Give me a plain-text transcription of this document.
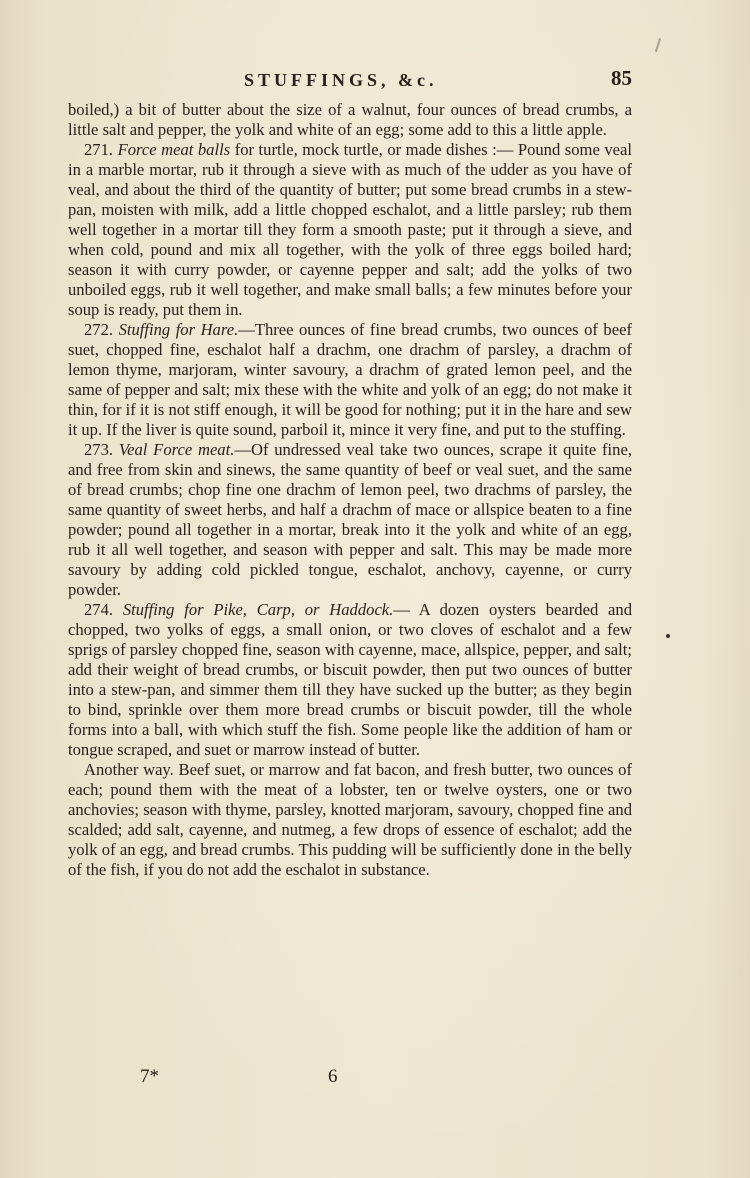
STUFFINGS, &c.	85

boiled,) a bit of butter about the size of a walnut, four ounces of bread crumbs, a little salt and pepper, the yolk and white of an egg; some add to this a little apple.

271. Force meat balls for turtle, mock turtle, or made dishes :— Pound some veal in a marble mortar, rub it through a sieve with as much of the udder as you have of veal, and about the third of the quantity of butter; put some bread crumbs in a stew-pan, moisten with milk, add a little chopped eschalot, and a little parsley; rub them well together in a mortar till they form a smooth paste; put it through a sieve, and when cold, pound and mix all together, with the yolk of three eggs boiled hard; season it with curry powder, or cayenne pepper and salt; add the yolks of two unboiled eggs, rub it well together, and make small balls; a few minutes before your soup is ready, put them in.

272. Stuffing for Hare.—Three ounces of fine bread crumbs, two ounces of beef suet, chopped fine, eschalot half a drachm, one drachm of parsley, a drachm of lemon thyme, marjoram, winter savoury, a drachm of grated lemon peel, and the same of pepper and salt; mix these with the white and yolk of an egg; do not make it thin, for if it is not stiff enough, it will be good for nothing; put it in the hare and sew it up. If the liver is quite sound, parboil it, mince it very fine, and put to the stuffing.

273. Veal Force meat.—Of undressed veal take two ounces, scrape it quite fine, and free from skin and sinews, the same quantity of beef or veal suet, and the same of bread crumbs; chop fine one drachm of lemon peel, two drachms of parsley, the same quantity of sweet herbs, and half a drachm of mace or allspice beaten to a fine powder; pound all together in a mortar, break into it the yolk and white of an egg, rub it all well together, and season with pepper and salt. This may be made more savoury by adding cold pickled tongue, eschalot, anchovy, cayenne, or curry powder.

274. Stuffing for Pike, Carp, or Haddock.— A dozen oysters bearded and chopped, two yolks of eggs, a small onion, or two cloves of eschalot and a few sprigs of parsley chopped fine, season with cayenne, mace, allspice, pepper, and salt; add their weight of bread crumbs, or biscuit powder, then put two ounces of butter into a stew-pan, and simmer them till they have sucked up the butter; as they begin to bind, sprinkle over them more bread crumbs or biscuit powder, till the whole forms into a ball, with which stuff the fish. Some people like the addition of ham or tongue scraped, and suet or marrow instead of butter.

Another way. Beef suet, or marrow and fat bacon, and fresh butter, two ounces of each; pound them with the meat of a lobster, ten or twelve oysters, one or two anchovies; season with thyme, parsley, knotted marjoram, savoury, chopped fine and scalded; add salt, cayenne, and nutmeg, a few drops of essence of eschalot; add the yolk of an egg, and bread crumbs. This pudding will be sufficiently done in the belly of the fish, if you do not add the eschalot in substance.

7*	6
